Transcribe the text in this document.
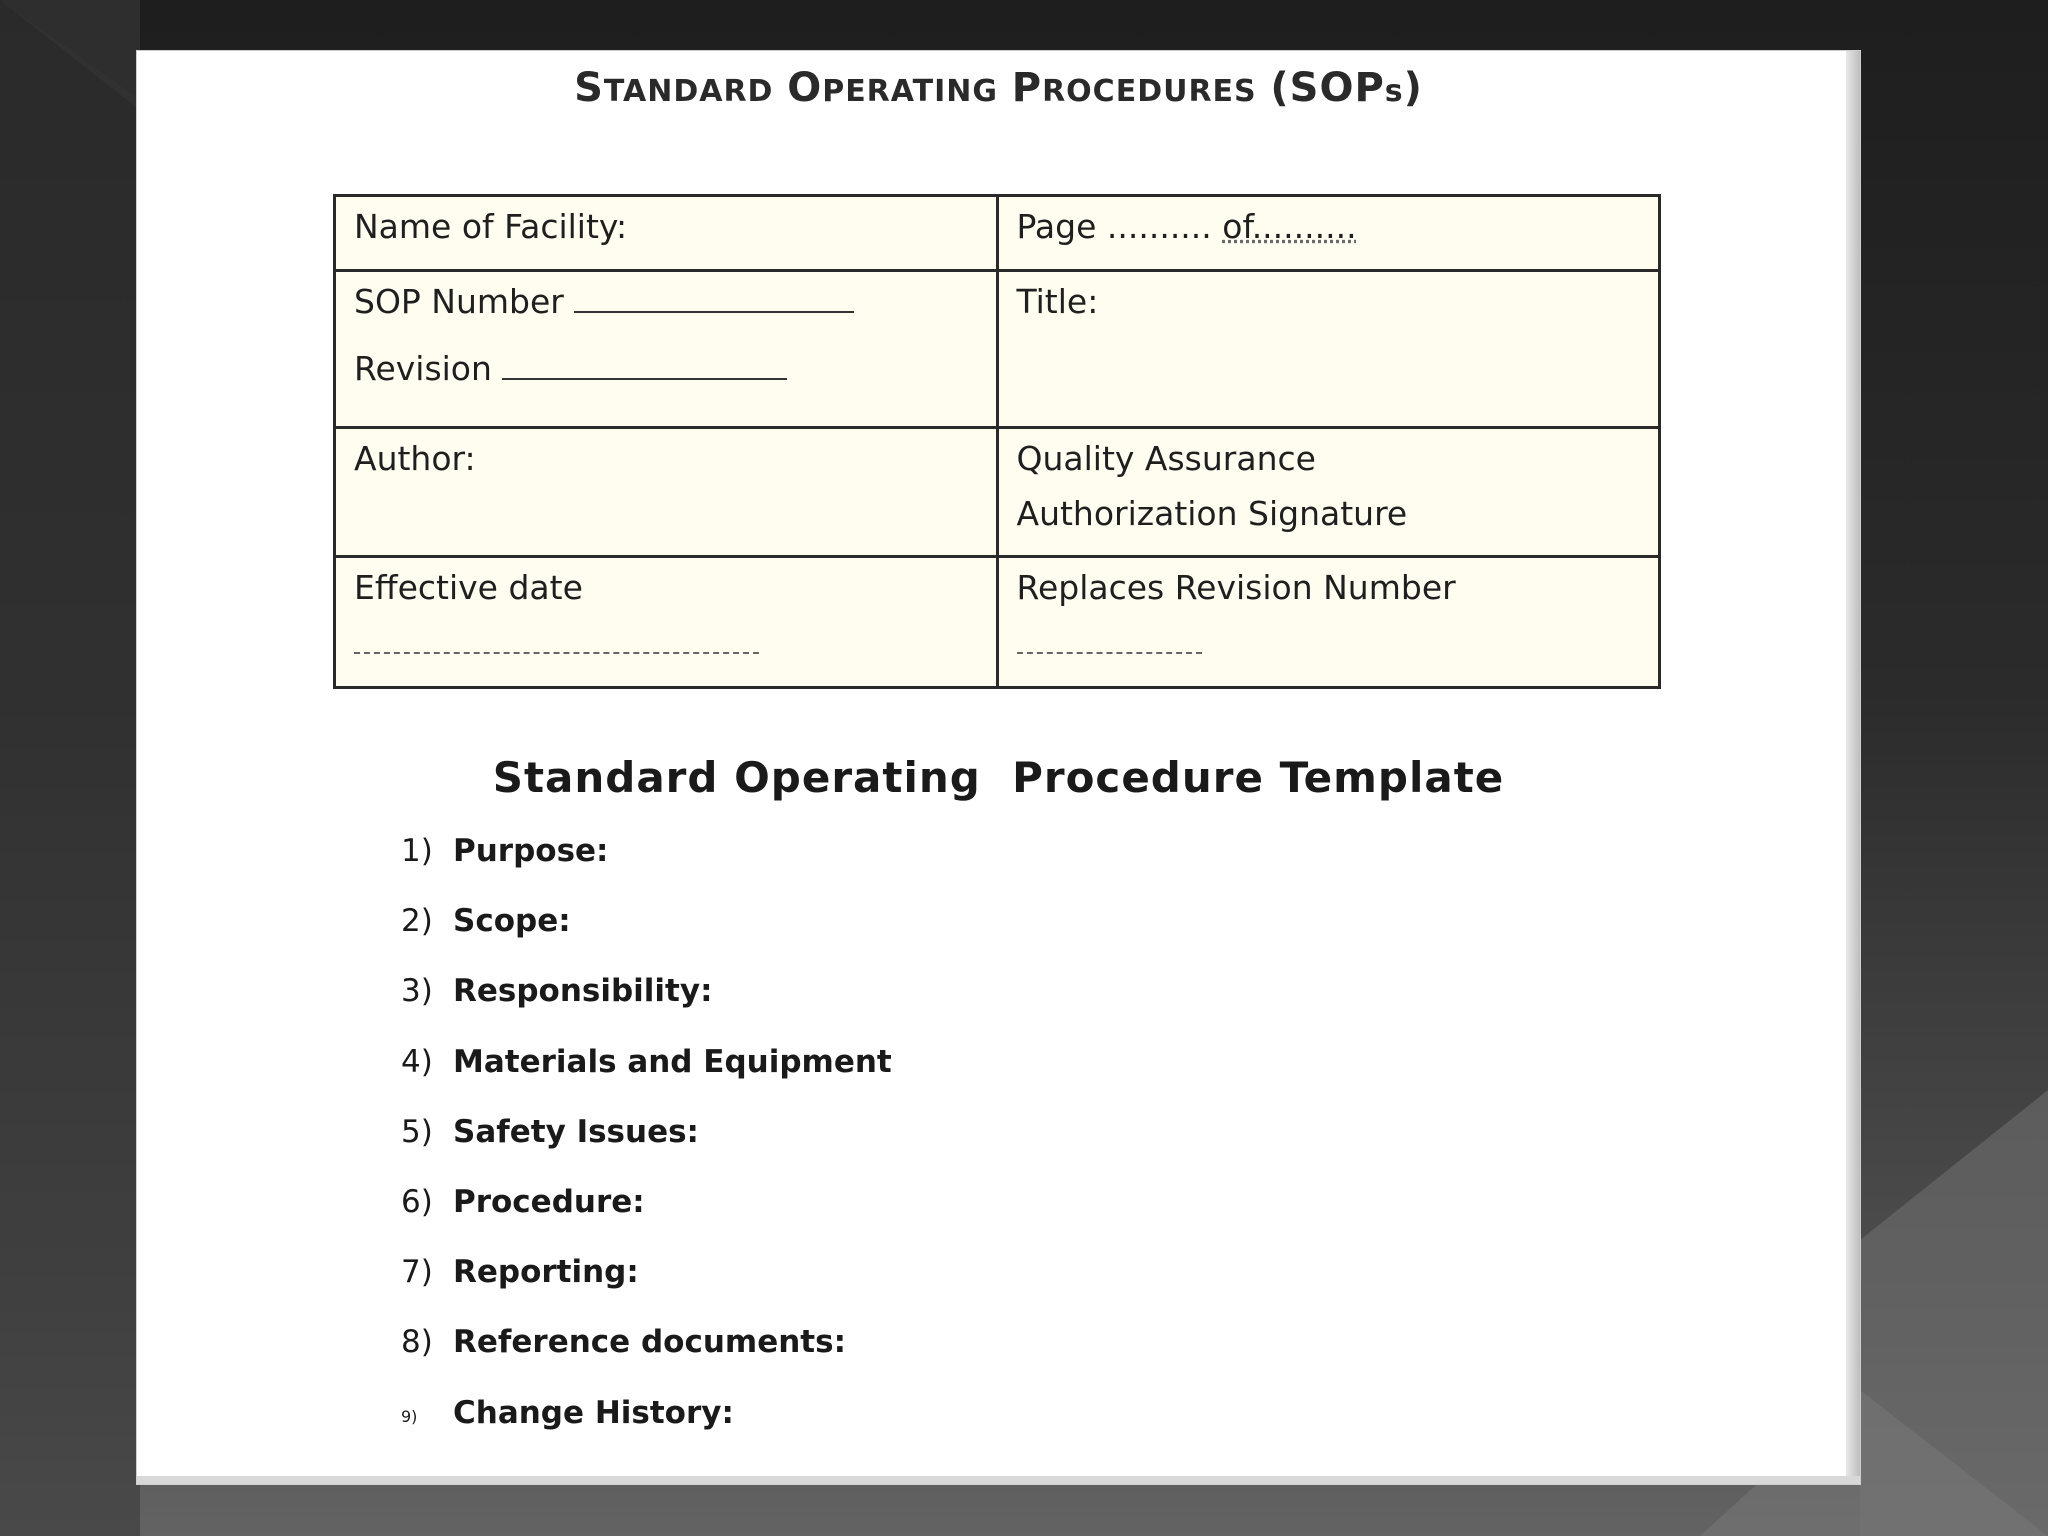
STANDARD OPERATING PROCEDURES (SOPs)
Name of Facility:	Page .......... of..........
SOP Number
Revision	Title:
Author:	Quality Assurance
Authorization Signature

Effective date	Replaces Revision Number
Standard Operating  Procedure Template
1) Purpose:
2) Scope:
3) Responsibility:
4) Materials and Equipment
5) Safety Issues:
6) Procedure:
7) Reporting:
8) Reference documents:
9)	Change History:
